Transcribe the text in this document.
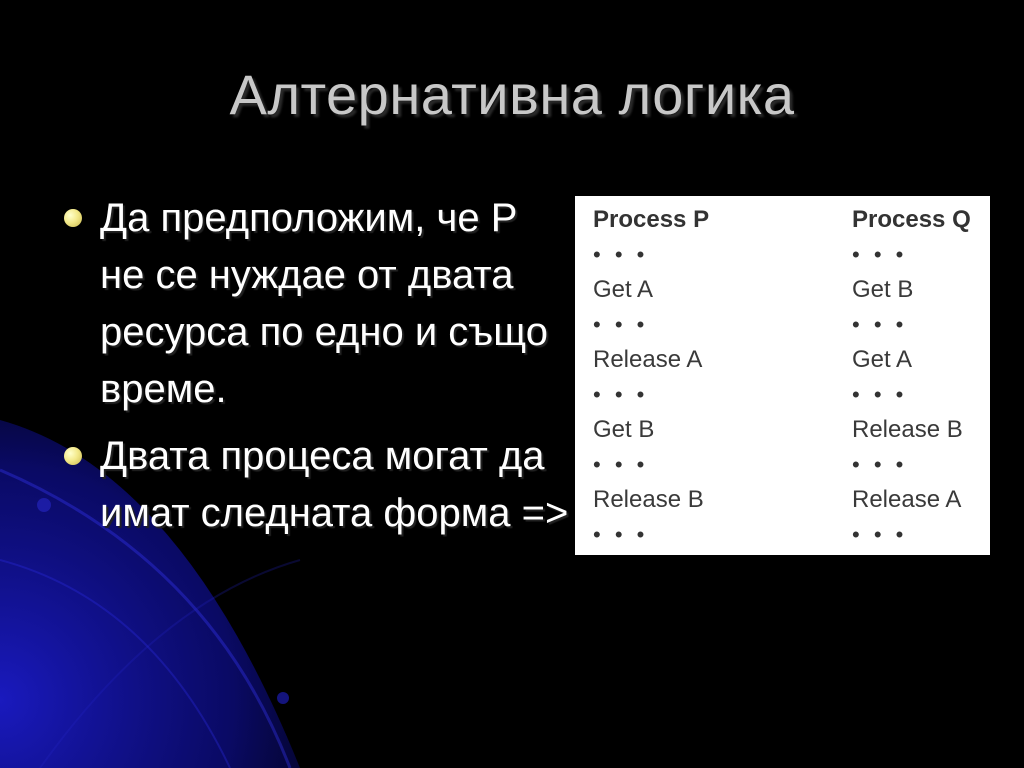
Алтернативна логика
Да предположим, че P не се нуждае от двата ресурса по едно и също време.
Двата процеса могат да имат следната форма =>
Process P
• • •
Get A
• • •
Release A
• • •
Get B
• • •
Release B
• • •
Process Q
• • •
Get B
• • •
Get A
• • •
Release B
• • •
Release A
• • •
